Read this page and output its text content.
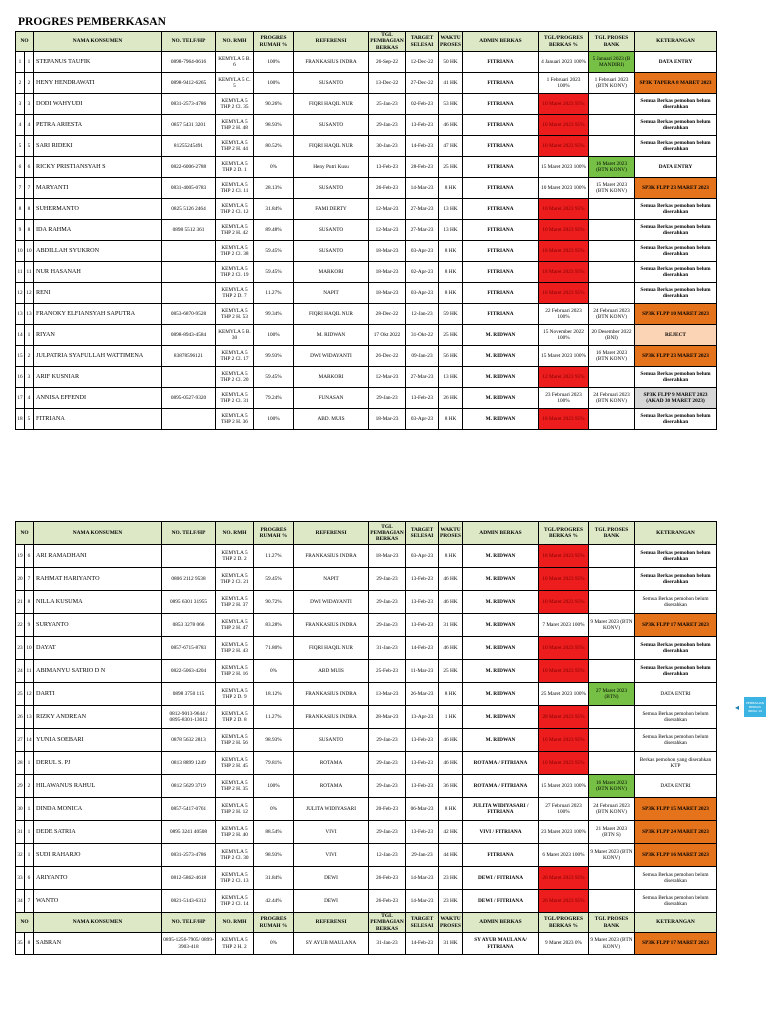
PROGRES PEMBERKASAN
NO		NAMA KONSUMEN	NO. TELF/HP	NO. RMH	PROGRES RUMAH %	REFERENSI	TGL PEMBAGIAN BERKAS	TARGET SELESAI	WAKTU PROSES	ADMIN BERKAS	TGL/PROGRES BERKAS %	TGL PROSES BANK	KETERANGAN
1	1	STEPANUS TAUFIK	0898-7964-0616	KEMYLA 5 B. 6	100%	FRANKASIUS INDRA	26-Sep-22	12-Dec-22	50 HK	FITRIANA	4 Januari 2023 100%	5 Januari 2023 (B MANDIRI)	DATA ENTRY
2	2	HENY HENDRAWATI	0898-9412-6265	KEMYLA 5 C. 5	100%	SUSANTO	13-Dec-22	27-Dec-22	41 HK	FITRIANA	1 Februari 2023 100%	1 Februari 2023 (BTN KONV)	SP3K TAPERA 8 MARET 2023
3	3	DODI WAHYUDI	0831-2573-4786	KEMYLA 5 THP 2 Cl. 35	90.26%	FIQRI HAQIL NUR	25-Jan-23	02-Feb-23	53 HK	FITRIANA	10 Maret 2023 95%		Semua Berkas pemohon belum diserahkan
4	4	PETRA ARIESTA	0857 5431 3201	KEMYLA 5 THP 2 H. 48	98.93%	SUSANTO	29-Jan-23	13-Feb-23	46 HK	FITRIANA	10 Maret 2023 95%		Semua Berkas pemohon belum diserahkan
5	5	SARI RIDEKI	81255245491	KEMYLA 5 THP 2 H. 44	80.52%	FIQRI HAQIL NUR	30-Jan-23	14-Feb-23	47 HK	FITRIANA	10 Maret 2023 95%		Semua Berkas pemohon belum diserahkan
6	6	RICKY PRISTIANSYAH S	0822-6006-2788	KEMYLA 5 THP 2 D. 1	0%	Heny Putri Kusu	13-Feb-23	28-Feb-23	25 HK	FITRIANA	15 Maret 2023 100%	16 Maret 2023 (BTN KONV)	DATA ENTRY
7	7	MARYANTI	0831-4005-0783	KEMYLA 5 THP 2 Cl. 11	28.13%	SUSANTO	26-Feb-23	14-Mar-23	8 HK	FITRIANA	10 Maret 2023 100%	15 Maret 2023 (BTN KONV)	SP3K FLPP 23 MARET 2023
8	8	SUHERMANTO	0825 5126 2464	KEMYLA 5 THP 2 Cl. 12	31.84%	FAMI DERTY	12-Mar-23	27-Mar-23	13 HK	FITRIANA	10 Maret 2023 95%		Semua Berkas pemohon belum diserahkan
9	8	IDA RAHMA	0898 5512 361	KEMYLA 5 THP 2 H. 42	89.48%	SUSANTO	12-Mar-23	27-Mar-23	13 HK	FITRIANA	10 Maret 2023 95%		Semua Berkas pemohon belum diserahkan
10	10	ABDILLAH SYUKRON		KEMYLA 5 THP 2 Cl. 38	59.45%	SUSANTO	18-Mar-23	03-Apr-23	8 HK	FITRIANA	18 Maret 2023 95%		Semua Berkas pemohon belum diserahkan
11	11	NUR HASANAH		KEMYLA 5 THP 2 Cl. 19	59.45%	MARKORI	18-Mar-23	02-Apr-23	8 HK	FITRIANA	18 Maret 2023 95%		Semua Berkas pemohon belum diserahkan
12	12	RENI		KEMYLA 5 THP 2 D. 7	11.27%	NAPIT	18-Mar-23	03-Apr-23	8 HK	FITRIANA	18 Maret 2023 95%		Semua Berkas pemohon belum diserahkan
13	13	FRANOKY ELFIANSYAH SAPUTRA	0853-6870-9528	KEMYLA 5 THP 2 H. 53	99.34%	FIQRI HAQIL NUR	28-Dec-22	12-Jan-23	59 HK	FITRIANA	22 Februari 2023 100%	24 Februari 2023 (BTN KONV)	SP3K FLPP 10 MARET 2023
14	1	RIYAN	0898-8943-4584	KEMYLA 5 B. 30	100%	M. RIDWAN	17 Okt 2022	31-Okt-22	25 HK	M. RIDWAN	15 November 2022 100%	20 Desember 2022 (BNI)	REJECT
15	2	JULPATRIA SYAFULLAH WATTIMENA	83878596121	KEMYLA 5 THP 2 Cl. 17	99.93%	DWI WIDAYANTI	26-Dec-22	09-Jan-23	56 HK	M. RIDWAN	15 Maret 2023 100%	16 Maret 2023 (BTN KONV)	SP3K FLPP 23 MARET 2023
16	3	ARIF KUSNIAR		KEMYLA 5 THP 2 Cl. 20	59.45%	MARKORI	12-Mar-23	27-Mar-23	13 HK	M. RIDWAN	12 Maret 2023 95%		Semua Berkas pemohon belum diserahkan
17	4	ANNISA EFFENDI	0895-0527-9320	KEMYLA 5 THP 2 Cl. 31	79.24%	FUNASAN	29-Jan-23	13-Feb-23	26 HK	M. RIDWAN	23 Februari 2023 100%	24 Februari 2023 (BTN KONV)	SP3K FLPP 9 MARET 2023 (AKAD 30 MARET 2023)
18	5	FITRIANA		KEMYLA 5 THP 2 H. 36	100%	ABD. MUIS	18-Mar-23	03-Apr-23	8 HK	M. RIDWAN	18 Maret 2023 95%		Semua Berkas pemohon belum diserahkan
NO		NAMA KONSUMEN	NO. TELF/HP	NO. RMH	PROGRES RUMAH %	REFERENSI	TGL PEMBAGIAN BERKAS	TARGET SELESAI	WAKTU PROSES	ADMIN BERKAS	TGL/PROGRES BERKAS %	TGL PROSES BANK	KETERANGAN
19	6	ARI RAMADHANI		KEMYLA 5 THP 2 D. 2	11.27%	FRANKASIUS INDRA	18-Mar-23	03-Apr-23	8 HK	M. RIDWAN	18 Maret 2023 95%		Semua Berkas pemohon belum diserahkan
20	7	RAHMAT HARIYANTO	0806 2112 9538	KEMYLA 5 THP 2 Cl. 21	59.45%	NAPIT	29-Jan-23	13-Feb-23	46 HK	M. RIDWAN	10 Maret 2023 95%		Semua Berkas pemohon belum diserahkan
21	8	NILLA KUSUMA	0895 6301 31955	KEMYLA 5 THP 2 H. 37	90.72%	DWI WIDAYANTI	29-Jan-23	13-Feb-23	46 HK	M. RIDWAN	10 Maret 2023 95%		Semua Berkas pemohon belum diserahkan
22	9	SURYANTO	0853 3278 066	KEMYLA 5 THP 2 H. 47	83.28%	FRANKASIUS INDRA	29-Jan-23	13-Feb-23	31 HK	M. RIDWAN	7 Maret 2023 100%	9 Maret 2023 (BTN KONV)	SP3K FLPP 17 MARET 2023
23	10	DAYAT	0857-6715-8783	KEMYLA 5 THP 2 H. 43	71.80%	FIQRI HAQIL NUR	31-Jan-23	14-Feb-23	46 HK	M. RIDWAN	10 Maret 2023 95%		Semua Berkas pemohon belum diserahkan
24	11	ABIMANYU SATRIO D N	0822-5063-4204	KEMYLA 5 THP 2 H. 16	0%	ABD MUIS	25-Feb-23	11-Mar-23	25 HK	M. RIDWAN	10 Maret 2023 95%		Semua Berkas pemohon belum diserahkan
25	12	DARTI	0898 3750 115	KEMYLA 5 THP 2 D. 9	18.12%	FRANKASIUS INDRA	13-Mar-23	26-Mar-23	8 HK	M. RIDWAN	25 Maret 2023 100%	27 Maret 2023 (BTN)	DATA ENTRI
26	13	RIZKY ANDREAN	0812-9013-9644 / 0895-8301-13612	KEMYLA 5 THP 2 D. 8	11.27%	FRANKASIUS INDRA	28-Mar-23	13-Apr-23	1 HK	M. RIDWAN	28 Maret 2023 95%		Semua Berkas pemohon belum diserahkan
27	14	YUNIA SOEBARI	0878 5632 2813	KEMYLA 5 THP 2 H. 56	98.93%	SUSANTO	29-Jan-23	13-Feb-23	46 HK	M. RIDWAN	10 Maret 2023 95%		Semua Berkas pemohon belum diserahkan
28	1	DERUL S. PJ	0813 8899 1249	KEMYLA 5 THP 2 H. 45	79.81%	ROTAMA	29-Jan-23	13-Feb-23	46 HK	ROTAMA / FITRIANA	10 Maret 2023 95%		Berkas pemohon yang diserahkan KTP
29	2	HILAWANUS RAHUL	0812 5629 3719	KEMYLA 5 THP 2 H. 35	100%	ROTAMA	29-Jan-23	13-Feb-23	36 HK	ROTAMA / FITRIANA	15 Maret 2023 100%	16 Maret 2023 (BTN KONV)	DATA ENTRI
30	1	DINDA MONICA	0857-5417-0761	KEMYLA 5 THP 2 H. 12	0%	JULITA WIDIYASARI	20-Feb-23	06-Mar-23	8 HK	JULITA WIDIYASARI / FITRIANA	27 Februari 2023 100%	24 Februari 2023 (BTN KONV)	SP3K FLPP 15 MARET 2023
31	1	DEDE SATRIA	0895 3241 40508	KEMYLA 5 THP 2 H. 40	88.54%	VIVI	29-Jan-23	13-Feb-23	42 HK	VIVI / FITRIANA	23 Maret 2023 100%	21 Maret 2023 (BTN S)	SP3K FLPP 24 MARET 2023
32	1	SUDI RAHARJO	0831-2573-4786	KEMYLA 5 THP 2 Cl. 30	98.93%	VIVI	12-Jan-23	29-Jan-23	44 HK	FITRIANA	6 Maret 2023 100%	9 Maret 2023 (BTN KONV)	SP3K FLPP 16 MARET 2023
33	6	ARIYANTO	0812-5862-4618	KEMYLA 5 THP 2 Cl. 13	31.84%	DEWI	26-Feb-23	14-Mar-23	23 HK	DEWI / FITRIANA	26 Maret 2023 95%		Semua Berkas pemohon belum diserahkan
34	7	WANTO	0821-5143-6312	KEMYLA 5 THP 2 Cl. 14	42.44%	DEWI	26-Feb-23	14-Mar-23	23 HK	DEWI / FITRIANA	26 Maret 2023 95%		Semua Berkas pemohon belum diserahkan
NO		NAMA KONSUMEN	NO. TELF/HP	NO. RMH	PROGRES RUMAH %	REFERENSI	TGL PEMBAGIAN BERKAS	TARGET SELESAI	WAKTU PROSES	ADMIN BERKAS	TGL/PROGRES BERKAS %	TGL PROSES BANK	KETERANGAN
35	8	SABRAN	0895-1256-7905/ 0899-3903-418	KEMYLA 5 THP 2 H. 2	0%	SY AYUB MAULANA	31-Jan-23	14-Feb-23	31 HK	SY AYUB MAULANA/ FITRIANA	9 Maret 2023 0%	9 Maret 2023 (BTN KONV)	SP3K FLPP 17 MARET 2023
◂	PEMBAGIAN BERKAS INDRA 16
